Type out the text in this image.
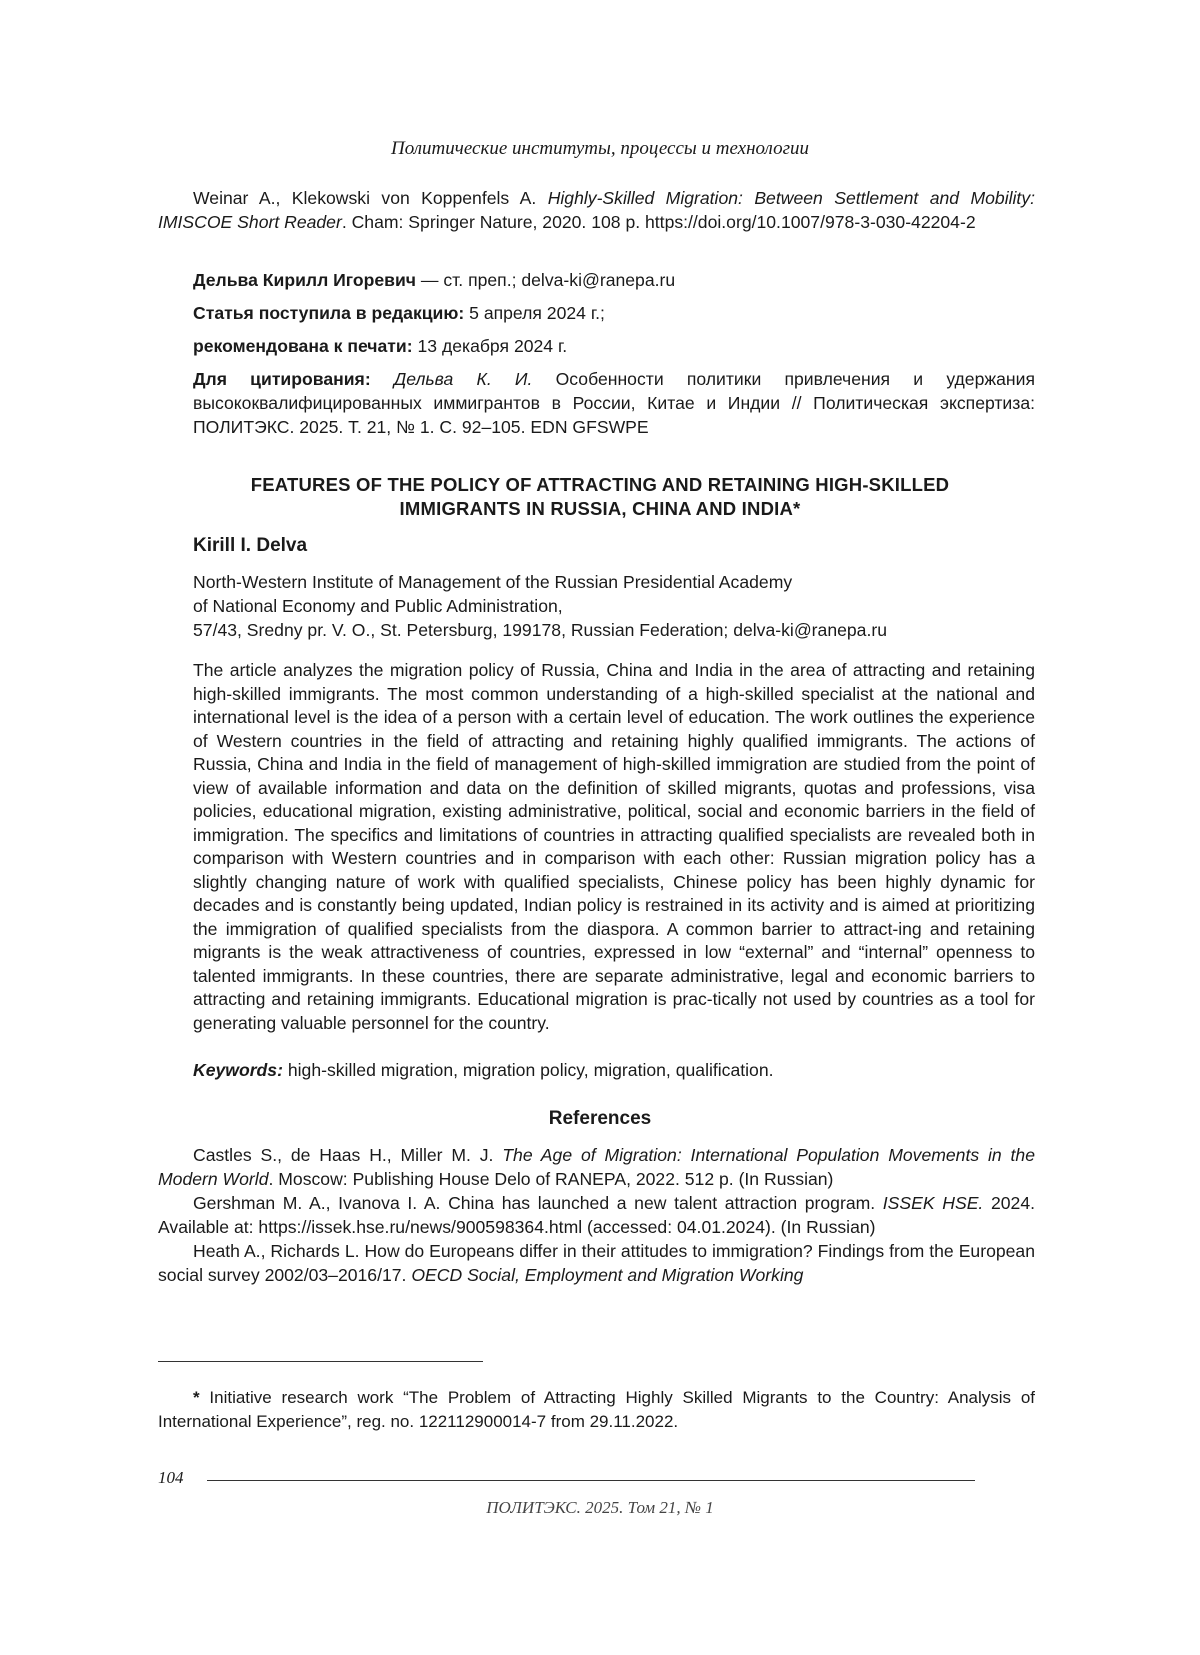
Политические институты, процессы и технологии

Weinar A., Klekowski von Koppenfels A. Highly-Skilled Migration: Between Settlement and Mobility: IMISCOE Short Reader. Cham: Springer Nature, 2020. 108 p. https://doi.org/10.1007/978-3-030-42204-2

Дельва Кирилл Игоревич — ст. преп.; delva-ki@ranepa.ru

Статья поступила в редакцию: 5 апреля 2024 г.;

рекомендована к печати: 13 декабря 2024 г.

Для цитирования: Дельва К. И. Особенности политики привлечения и удержания высококвалифицированных иммигрантов в России, Китае и Индии // Политическая экспертиза: ПОЛИТЭКС. 2025. Т. 21, № 1. С. 92–105. EDN GFSWPE

FEATURES OF THE POLICY OF ATTRACTING AND RETAINING HIGH-SKILLED
IMMIGRANTS IN RUSSIA, CHINA AND INDIA*
Kirill I. Delva
North-Western Institute of Management of the Russian Presidential Academy
of National Economy and Public Administration,
57/43, Sredny pr. V. O., St. Petersburg, 199178, Russian Federation; delva-ki@ranepa.ru

The article analyzes the migration policy of Russia, China and India in the area of attracting and retaining high-skilled immigrants. The most common understanding of a high-skilled specialist at the national and international level is the idea of a person with a certain level of education. The work outlines the experience of Western countries in the field of attracting and retaining highly qualified immigrants. The actions of Russia, China and India in the field of management of high-skilled immigration are studied from the point of view of available information and data on the definition of skilled migrants, quotas and professions, visa policies, educational migration, existing administrative, political, social and economic barriers in the field of immigration. The specifics and limitations of countries in attracting qualified specialists are revealed both in comparison with Western countries and in comparison with each other: Russian migration policy has a slightly changing nature of work with qualified specialists, Chinese policy has been highly dynamic for decades and is constantly being updated, Indian policy is restrained in its activity and is aimed at prioritizing the immigration of qualified specialists from the diaspora. A common barrier to attract-ing and retaining migrants is the weak attractiveness of countries, expressed in low “external” and “internal” openness to talented immigrants. In these countries, there are separate administrative, legal and economic barriers to attracting and retaining immigrants. Educational migration is prac-tically not used by countries as a tool for generating valuable personnel for the country.

Keywords: high-skilled migration, migration policy, migration, qualification.

References

Castles S., de Haas H., Miller M. J. The Age of Migration: International Population Movements in the Modern World. Moscow: Publishing House Delo of RANEPA, 2022. 512 p. (In Russian)

Gershman M. A., Ivanova I. A. China has launched a new talent attraction program. ISSEK HSE. 2024. Available at: https://issek.hse.ru/news/900598364.html (accessed: 04.01.2024). (In Russian)

Heath A., Richards L. How do Europeans differ in their attitudes to immigration? Findings from the European social survey 2002/03–2016/17. OECD Social, Employment and Migration Working

* Initiative research work “The Problem of Attracting Highly Skilled Migrants to the Country: Analysis of International Experience”, reg. no. 122112900014-7 from 29.11.2022.

104
ПОЛИТЭКС. 2025. Том 21, № 1
